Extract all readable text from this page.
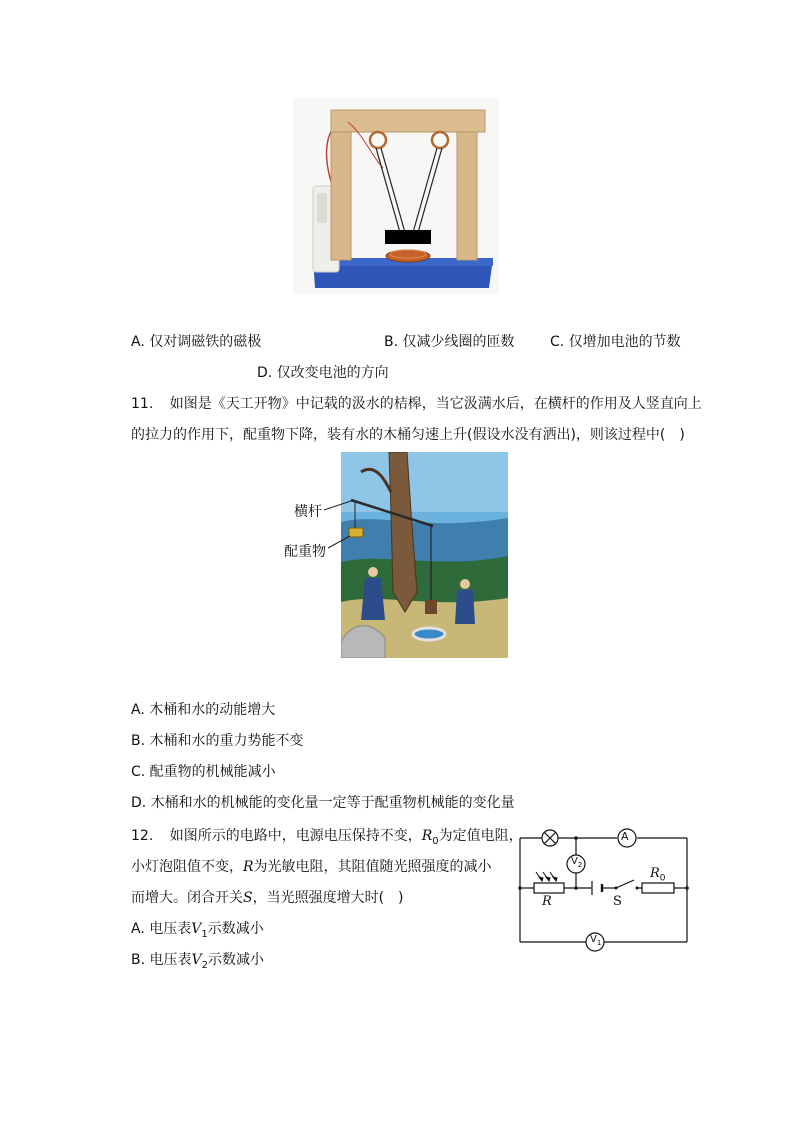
A. 仅对调磁铁的磁极	B. 仅减少线圈的匝数	C. 仅增加电池的节数
D. 仅改变电池的方向
11. 如图是《天工开物》中记载的汲水的桔槔，当它汲满水后，在横杆的作用及人竖直向上
的拉力的作用下，配重物下降，装有水的木桶匀速上升(假设水没有洒出)，则该过程中(　)
横杆
配重物
A. 木桶和水的动能增大
B. 木桶和水的重力势能不变
C. 配重物的机械能减小
D. 木桶和水的机械能的变化量一定等于配重物机械能的变化量
12. 如图所示的电路中，电源电压保持不变，$R_0$为定值电阻，
小灯泡阻值不变，R为光敏电阻，其阻值随光照强度的减小
而增大。闭合开关S，当光照强度增大时(　)
A. 电压表$V_1$示数减小
B. 电压表$V_2$示数减小
A
$V_2$
$V_1$
R
$R_0$
S
